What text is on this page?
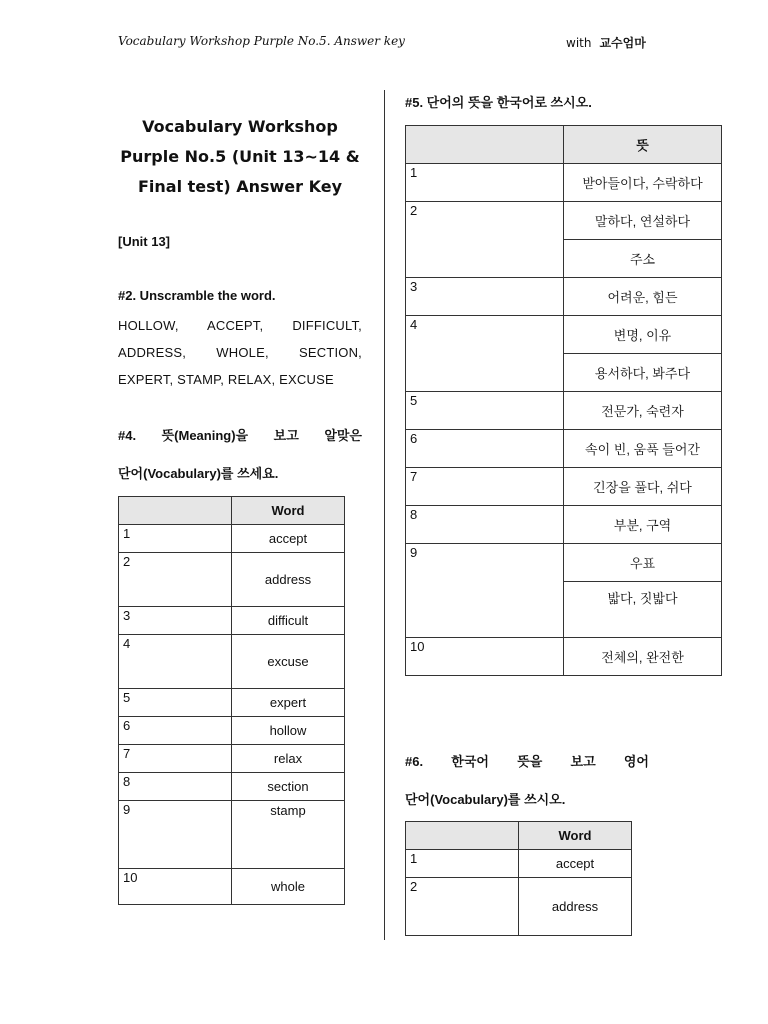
Vocabulary Workshop Purple No.5. Answer key	with 교수엄마
Vocabulary Workshop
Purple No.5 (Unit 13~14 &
Final test) Answer Key
[Unit 13]
#2. Unscramble the word.
HOLLOW, ACCEPT, DIFFICULT, ADDRESS, WHOLE, SECTION, EXPERT, STAMP, RELAX, EXCUSE
#4. 뜻(Meaning)을 보고 알맞은
단어(Vocabulary)를 쓰세요.
	Word
1	accept
2	address
3	difficult
4	excuse
5	expert
6	hollow
7	relax
8	section
9	stamp
10	whole
#5. 단어의 뜻을 한국어로 쓰시오.
	뜻
1	받아들이다, 수락하다
2	말하다, 연설하다
	주소
3	어려운, 힘든
4	변명, 이유
	용서하다, 봐주다
5	전문가, 숙련자
6	속이 빈, 움푹 들어간
7	긴장을 풀다, 쉬다
8	부분, 구역
9	우표
	밟다, 짓밟다
10	전체의, 완전한
#6. 한국어 뜻을 보고 영어
단어(Vocabulary)를 쓰시오.
	Word
1	accept
2	address
